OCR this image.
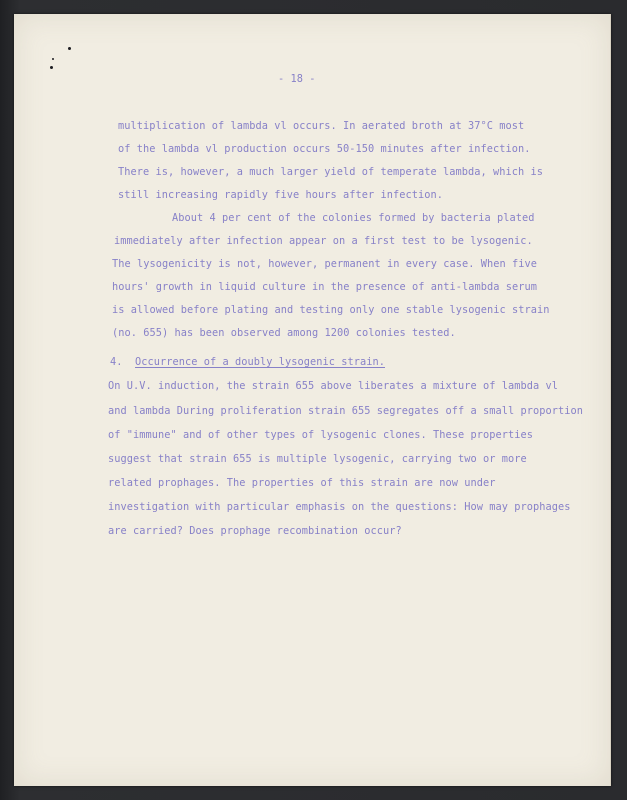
- 18 -
multiplication of lambda vl occurs. In aerated broth at 37°C most
of the lambda vl production occurs 50-150 minutes after infection.
There is, however, a much larger yield of temperate lambda, which is
still increasing rapidly five hours after infection.
About 4 per cent of the colonies formed by bacteria plated
immediately after infection appear on a first test to be lysogenic.
The lysogenicity is not, however, permanent in every case. When five
hours' growth in liquid culture in the presence of anti-lambda serum
is allowed before plating and testing only one stable lysogenic strain
(no. 655) has been observed among 1200 colonies tested.
4. Occurrence of a doubly lysogenic strain.
On U.V. induction, the strain 655 above liberates a mixture of lambda vl
and lambda During proliferation strain 655 segregates off a small proportion
of "immune" and of other types of lysogenic clones. These properties
suggest that strain 655 is multiple lysogenic, carrying two or more
related prophages. The properties of this strain are now under
investigation with particular emphasis on the questions: How may prophages
are carried? Does prophage recombination occur?
